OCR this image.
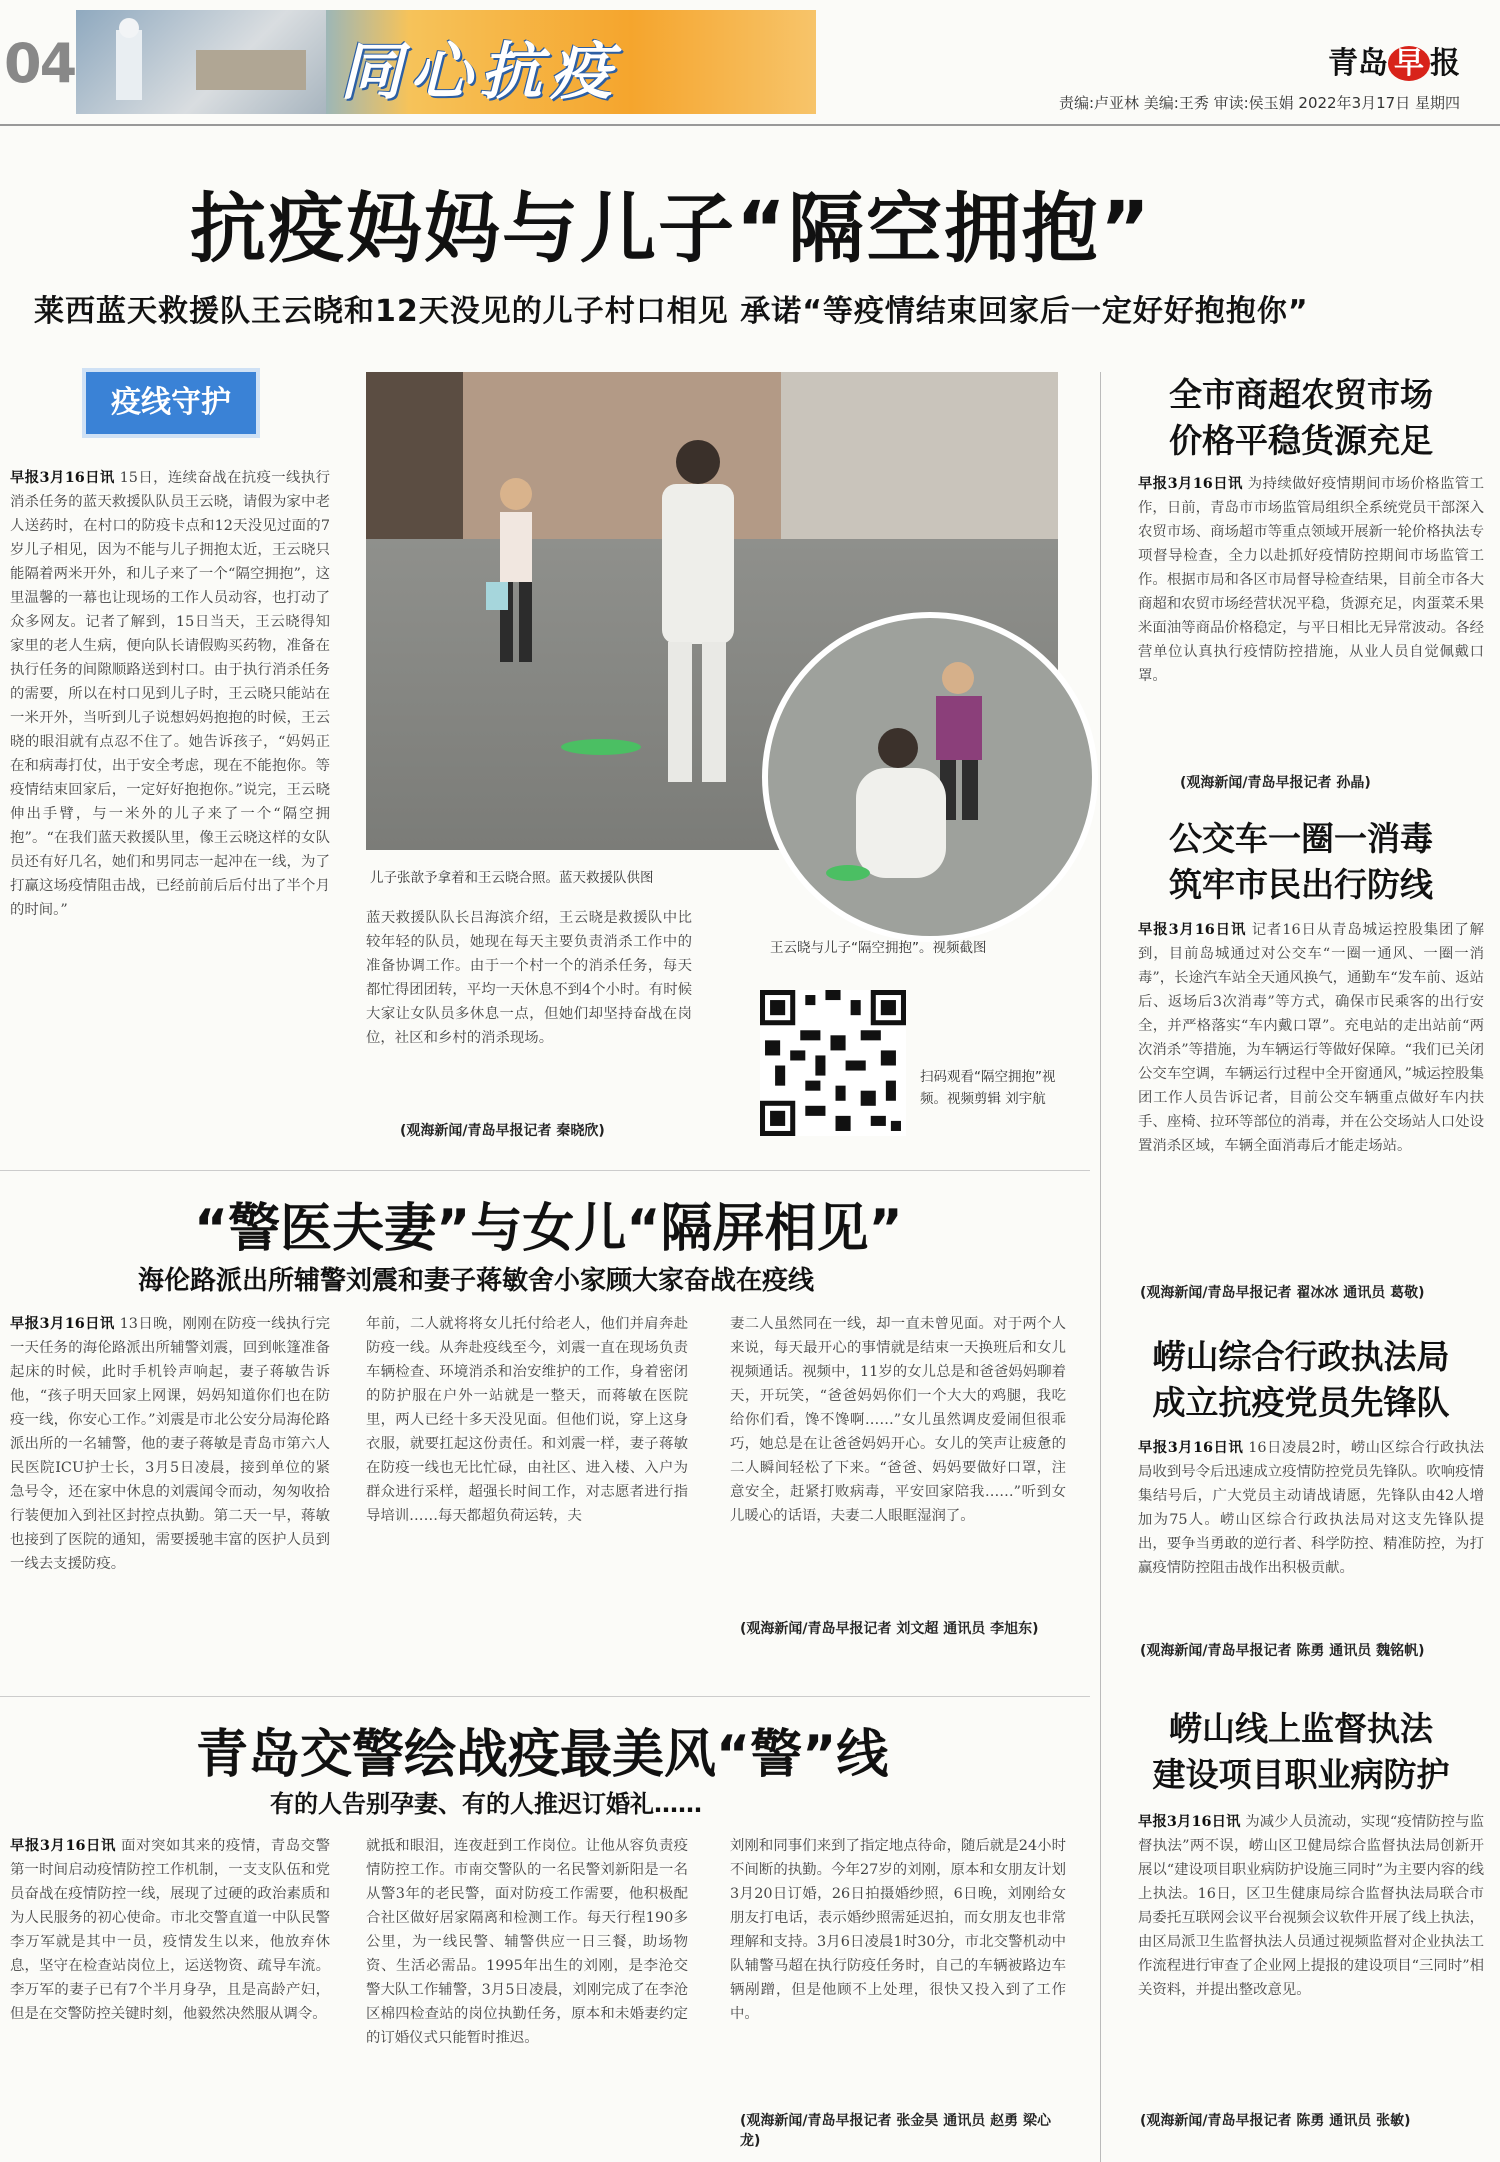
04	同心抗疫	青岛 早 报
责编:卢亚林 美编:王秀 审读:侯玉娟 2022年3月17日 星期四
抗疫妈妈与儿子“隔空拥抱”
莱西蓝天救援队王云晓和12天没见的儿子村口相见 承诺“等疫情结束回家后一定好好抱抱你”
疫线守护
早报3月16日讯 15日，连续奋战在抗疫一线执行消杀任务的蓝天救援队队员王云晓，请假为家中老人送药时，在村口的防疫卡点和12天没见过面的7岁儿子相见，因为不能与儿子拥抱太近，王云晓只能隔着两米开外，和儿子来了一个“隔空拥抱”，这里温馨的一幕也让现场的工作人员动容，也打动了众多网友。记者了解到，15日当天，王云晓得知家里的老人生病，便向队长请假购买药物，准备在执行任务的间隙顺路送到村口。由于执行消杀任务的需要，所以在村口见到儿子时，王云晓只能站在一米开外，当听到儿子说想妈妈抱抱的时候，王云晓的眼泪就有点忍不住了。她告诉孩子，“妈妈正在和病毒打仗，出于安全考虑，现在不能抱你。等疫情结束回家后，一定好好抱抱你。”说完，王云晓伸出手臂，与一米外的儿子来了一个“隔空拥抱”。“在我们蓝天救援队里，像王云晓这样的女队员还有好几名，她们和男同志一起冲在一线，为了打赢这场疫情阻击战，已经前前后后付出了半个月的时间。”
儿子张歆予拿着和王云晓合照。蓝天救援队供图
王云晓与儿子“隔空拥抱”。视频截图
蓝天救援队队长吕海滨介绍，王云晓是救援队中比较年轻的队员，她现在每天主要负责消杀工作中的准备协调工作。由于一个村一个的消杀任务，每天都忙得团团转，平均一天休息不到4个小时。有时候大家让女队员多休息一点，但她们却坚持奋战在岗位，社区和乡村的消杀现场。
(观海新闻/青岛早报记者 秦晓欣)
扫码观看“隔空拥抱”视频。视频剪辑 刘宇航
全市商超农贸市场
价格平稳货源充足
早报3月16日讯 为持续做好疫情期间市场价格监管工作，日前，青岛市市场监管局组织全系统党员干部深入农贸市场、商场超市等重点领域开展新一轮价格执法专项督导检查，全力以赴抓好疫情防控期间市场监管工作。根据市局和各区市局督导检查结果，目前全市各大商超和农贸市场经营状况平稳，货源充足，肉蛋菜禾果米面油等商品价格稳定，与平日相比无异常波动。各经营单位认真执行疫情防控措施，从业人员自觉佩戴口罩。
(观海新闻/青岛早报记者 孙晶)
公交车一圈一消毒
筑牢市民出行防线
早报3月16日讯 记者16日从青岛城运控股集团了解到，目前岛城通过对公交车“一圈一通风、一圈一消毒”，长途汽车站全天通风换气，通勤车“发车前、返站后、返场后3次消毒”等方式，确保市民乘客的出行安全，并严格落实“车内戴口罩”。充电站的走出站前“两次消杀”等措施，为车辆运行等做好保障。“我们已关闭公交车空调，车辆运行过程中全开窗通风，”城运控股集团工作人员告诉记者，目前公交车辆重点做好车内扶手、座椅、拉环等部位的消毒，并在公交场站人口处设置消杀区域，车辆全面消毒后才能走场站。
(观海新闻/青岛早报记者 翟冰冰 通讯员 葛敬)
崂山综合行政执法局
成立抗疫党员先锋队
早报3月16日讯 16日凌晨2时，崂山区综合行政执法局收到号令后迅速成立疫情防控党员先锋队。吹响疫情集结号后，广大党员主动请战请愿，先锋队由42人增加为75人。崂山区综合行政执法局对这支先锋队提出，要争当勇敢的逆行者、科学防控、精准防控，为打赢疫情防控阻击战作出积极贡献。
(观海新闻/青岛早报记者 陈勇 通讯员 魏铭帆)
崂山线上监督执法
建设项目职业病防护
早报3月16日讯 为减少人员流动，实现“疫情防控与监督执法”两不误，崂山区卫健局综合监督执法局创新开展以“建设项目职业病防护设施三同时”为主要内容的线上执法。16日，区卫生健康局综合监督执法局联合市局委托互联网会议平台视频会议软件开展了线上执法，由区局派卫生监督执法人员通过视频监督对企业执法工作流程进行审查了企业网上提报的建设项目“三同时”相关资料，并提出整改意见。
(观海新闻/青岛早报记者 陈勇 通讯员 张敏)
“警医夫妻”与女儿“隔屏相见”
海伦路派出所辅警刘震和妻子蒋敏舍小家顾大家奋战在疫线
早报3月16日讯 13日晚，刚刚在防疫一线执行完一天任务的海伦路派出所辅警刘震，回到帐篷准备起床的时候，此时手机铃声响起，妻子蒋敏告诉他，“孩子明天回家上网课，妈妈知道你们也在防疫一线，你安心工作。”刘震是市北公安分局海伦路派出所的一名辅警，他的妻子蒋敏是青岛市第六人民医院ICU护士长，3月5日凌晨，接到单位的紧急号令，还在家中休息的刘震闻令而动，匆匆收拾行装便加入到社区封控点执勤。第二天一早，蒋敏也接到了医院的通知，需要援驰丰富的医护人员到一线去支援防疫。
年前，二人就将将女儿托付给老人，他们并肩奔赴防疫一线。从奔赴疫线至今，刘震一直在现场负责车辆检查、环境消杀和治安维护的工作，身着密闭的防护服在户外一站就是一整天，而蒋敏在医院里，两人已经十多天没见面。但他们说，穿上这身衣服，就要扛起这份责任。和刘震一样，妻子蒋敏在防疫一线也无比忙碌，由社区、进入楼、入户为群众进行采样，超强长时间工作，对志愿者进行指导培训……每天都超负荷运转，夫
妻二人虽然同在一线，却一直未曾见面。对于两个人来说，每天最开心的事情就是结束一天换班后和女儿视频通话。视频中，11岁的女儿总是和爸爸妈妈聊着天，开玩笑，“爸爸妈妈你们一个大大的鸡腿，我吃给你们看，馋不馋啊……”女儿虽然调皮爱闹但很乖巧，她总是在让爸爸妈妈开心。女儿的笑声让疲惫的二人瞬间轻松了下来。“爸爸、妈妈要做好口罩，注意安全，赶紧打败病毒，平安回家陪我……”听到女儿暖心的话语，夫妻二人眼眶湿润了。
(观海新闻/青岛早报记者 刘文超 通讯员 李旭东)
青岛交警绘战疫最美风“警”线
有的人告别孕妻、有的人推迟订婚礼……
早报3月16日讯 面对突如其来的疫情，青岛交警第一时间启动疫情防控工作机制，一支支队伍和党员奋战在疫情防控一线，展现了过硬的政治素质和为人民服务的初心使命。市北交警直道一中队民警李万军就是其中一员，疫情发生以来，他放弃休息，坚守在检查站岗位上，运送物资、疏导车流。李万军的妻子已有7个半月身孕，且是高龄产妇，但是在交警防控关键时刻，他毅然决然服从调令。
就抵和眼泪，连夜赶到工作岗位。让他从容负责疫情防控工作。市南交警队的一名民警刘新阳是一名从警3年的老民警，面对防疫工作需要，他积极配合社区做好居家隔离和检测工作。每天行程190多公里，为一线民警、辅警供应一日三餐，助场物资、生活必需品。1995年出生的刘刚，是李沧交警大队工作辅警，3月5日凌晨，刘刚完成了在李沧区棉四检查站的岗位执勤任务，原本和未婚妻约定的订婚仪式只能暂时推迟。
刘刚和同事们来到了指定地点待命，随后就是24小时不间断的执勤。今年27岁的刘刚，原本和女朋友计划3月20日订婚，26日拍摄婚纱照，6日晚，刘刚给女朋友打电话，表示婚纱照需延迟拍，而女朋友也非常理解和支持。3月6日凌晨1时30分，市北交警机动中队辅警马超在执行防疫任务时，自己的车辆被路边车辆剐蹭，但是他顾不上处理，很快又投入到了工作中。
(观海新闻/青岛早报记者 张金昊 通讯员 赵勇 梁心龙)
